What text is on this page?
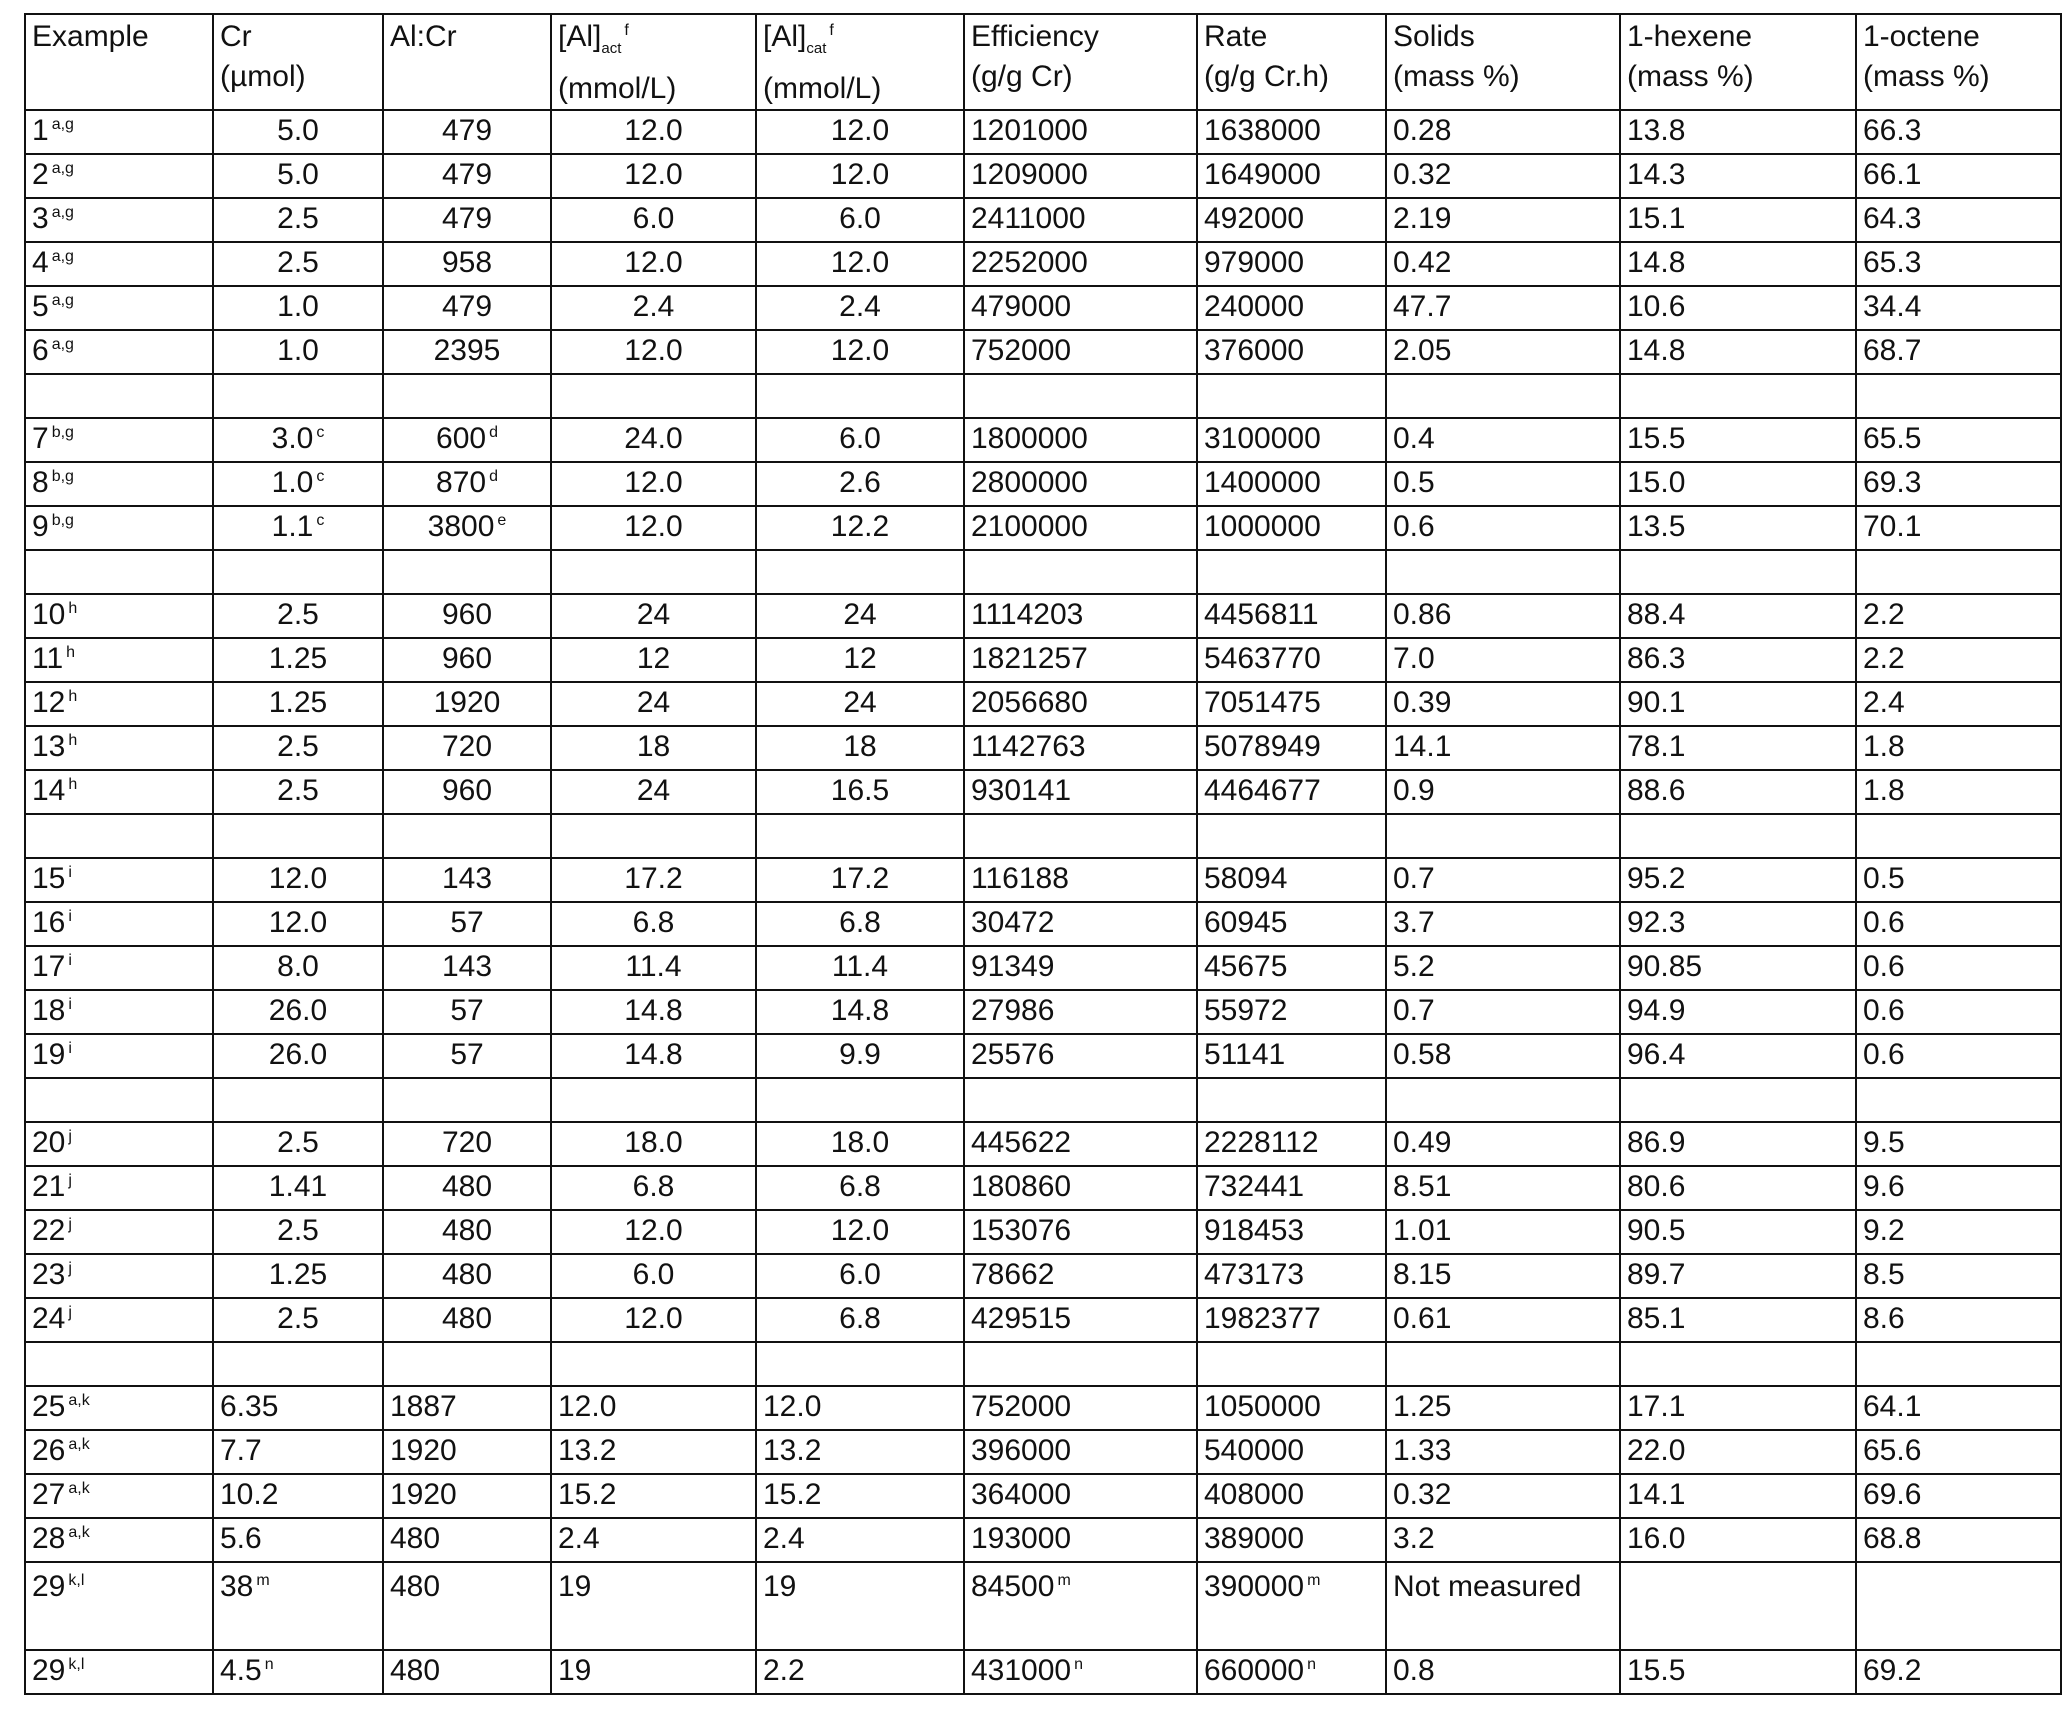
Example	Cr
(µmol)	Al:Cr	[Al]actf
(mmol/L)	[Al]catf
(mmol/L)	Efficiency
(g/g Cr)	Rate
(g/g Cr.h)	Solids
(mass %)	1-hexene
(mass %)	1-octene
(mass %)
1 a,g	5.0	479	12.0	12.0	1201000	1638000	0.28	13.8	66.3
2 a,g	5.0	479	12.0	12.0	1209000	1649000	0.32	14.3	66.1
3 a,g	2.5	479	6.0	6.0	2411000	492000	2.19	15.1	64.3
4 a,g	2.5	958	12.0	12.0	2252000	979000	0.42	14.8	65.3
5 a,g	1.0	479	2.4	2.4	479000	240000	47.7	10.6	34.4
6 a,g	1.0	2395	12.0	12.0	752000	376000	2.05	14.8	68.7

7 b,g	3.0 c	600 d	24.0	6.0	1800000	3100000	0.4	15.5	65.5
8 b,g	1.0 c	870 d	12.0	2.6	2800000	1400000	0.5	15.0	69.3
9 b,g	1.1 c	3800 e	12.0	12.2	2100000	1000000	0.6	13.5	70.1

10 h	2.5	960	24	24	1114203	4456811	0.86	88.4	2.2
11 h	1.25	960	12	12	1821257	5463770	7.0	86.3	2.2
12 h	1.25	1920	24	24	2056680	7051475	0.39	90.1	2.4
13 h	2.5	720	18	18	1142763	5078949	14.1	78.1	1.8
14 h	2.5	960	24	16.5	930141	4464677	0.9	88.6	1.8

15 i	12.0	143	17.2	17.2	116188	58094	0.7	95.2	0.5
16 i	12.0	57	6.8	6.8	30472	60945	3.7	92.3	0.6
17 i	8.0	143	11.4	11.4	91349	45675	5.2	90.85	0.6
18 i	26.0	57	14.8	14.8	27986	55972	0.7	94.9	0.6
19 i	26.0	57	14.8	9.9	25576	51141	0.58	96.4	0.6

20 j	2.5	720	18.0	18.0	445622	2228112	0.49	86.9	9.5
21 j	1.41	480	6.8	6.8	180860	732441	8.51	80.6	9.6
22 j	2.5	480	12.0	12.0	153076	918453	1.01	90.5	9.2
23 j	1.25	480	6.0	6.0	78662	473173	8.15	89.7	8.5
24 j	2.5	480	12.0	6.8	429515	1982377	0.61	85.1	8.6

25 a,k	6.35	1887	12.0	12.0	752000	1050000	1.25	17.1	64.1
26 a,k	7.7	1920	13.2	13.2	396000	540000	1.33	22.0	65.6
27 a,k	10.2	1920	15.2	15.2	364000	408000	0.32	14.1	69.6
28 a,k	5.6	480	2.4	2.4	193000	389000	3.2	16.0	68.8
29 k,l	38 m	480	19	19	84500 m	390000 m	Not measured		
29 k,l	4.5 n	480	19	2.2	431000 n	660000 n	0.8	15.5	69.2
